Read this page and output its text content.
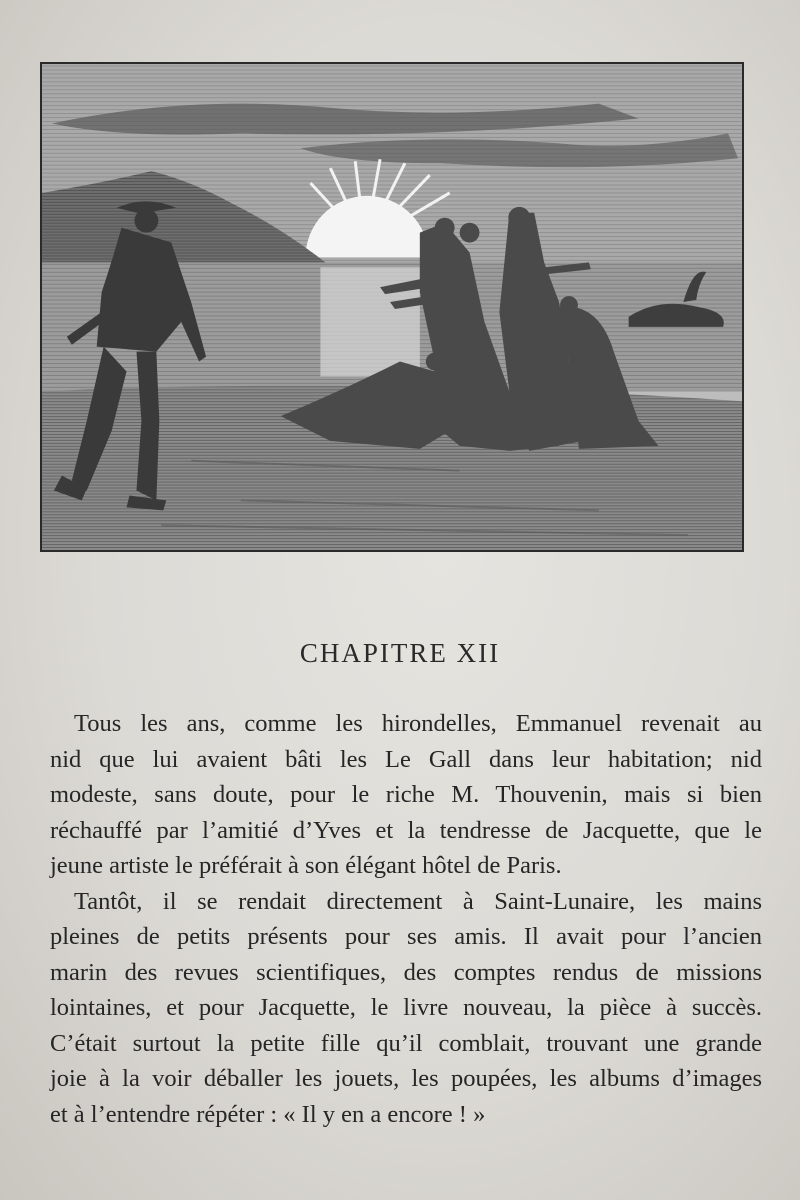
CHAPITRE XII
Tous les ans, comme les hirondelles, Emmanuel revenait au
nid que lui avaient bâti les Le Gall dans leur habitation; nid
modeste, sans doute, pour le riche M. Thouvenin, mais si bien
réchauffé par l’amitié d’Yves et la tendresse de Jacquette, que le
jeune artiste le préférait à son élégant hôtel de Paris.
Tantôt, il se rendait directement à Saint-Lunaire, les mains
pleines de petits présents pour ses amis. Il avait pour l’ancien
marin des revues scientifiques, des comptes rendus de missions
lointaines, et pour Jacquette, le livre nouveau, la pièce à succès.
C’était surtout la petite fille qu’il comblait, trouvant une grande
joie à la voir déballer les jouets, les poupées, les albums d’images
et à l’entendre répéter : « Il y en a encore ! »
